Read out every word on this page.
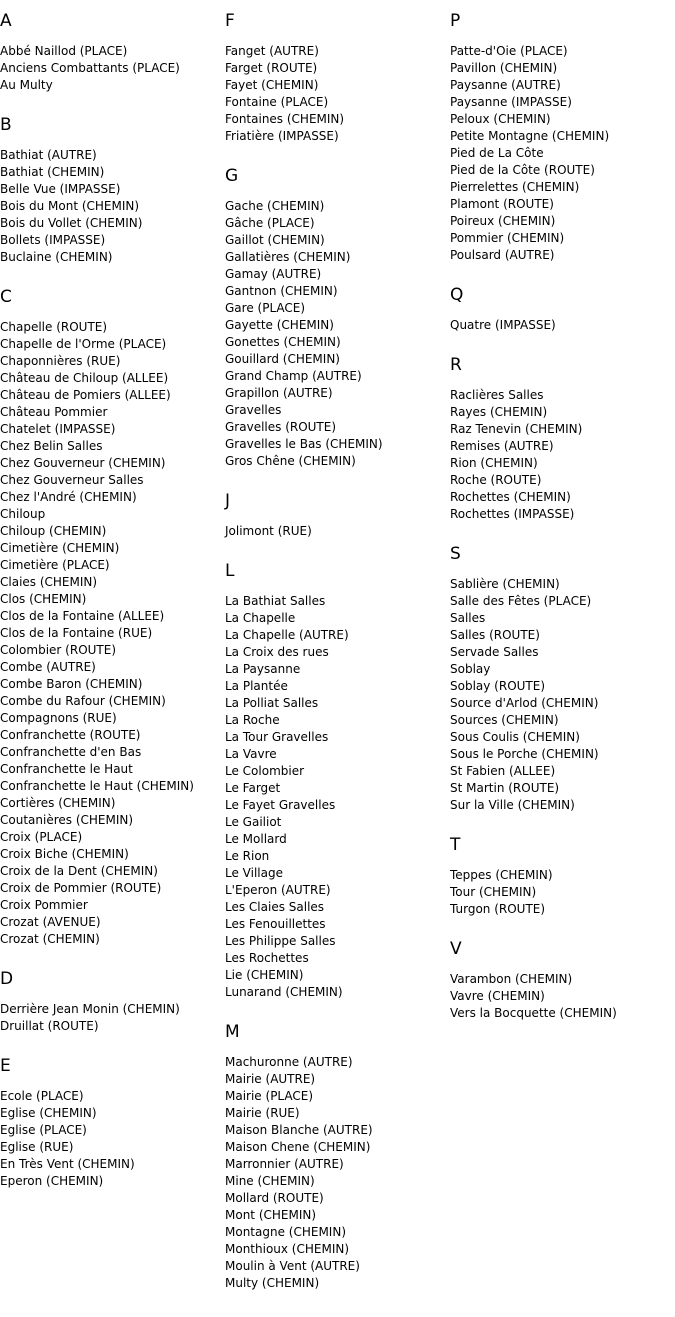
A
Abbé Naillod (PLACE)
Anciens Combattants (PLACE)
Au Multy
B
Bathiat (AUTRE)
Bathiat (CHEMIN)
Belle Vue (IMPASSE)
Bois du Mont (CHEMIN)
Bois du Vollet (CHEMIN)
Bollets (IMPASSE)
Buclaine (CHEMIN)
C
Chapelle (ROUTE)
Chapelle de l'Orme (PLACE)
Chaponnières (RUE)
Château de Chiloup (ALLEE)
Château de Pomiers (ALLEE)
Château Pommier
Chatelet (IMPASSE)
Chez Belin Salles
Chez Gouverneur (CHEMIN)
Chez Gouverneur Salles
Chez l'André (CHEMIN)
Chiloup
Chiloup (CHEMIN)
Cimetière (CHEMIN)
Cimetière (PLACE)
Claies (CHEMIN)
Clos (CHEMIN)
Clos de la Fontaine (ALLEE)
Clos de la Fontaine (RUE)
Colombier (ROUTE)
Combe (AUTRE)
Combe Baron (CHEMIN)
Combe du Rafour (CHEMIN)
Compagnons (RUE)
Confranchette (ROUTE)
Confranchette d'en Bas
Confranchette le Haut
Confranchette le Haut (CHEMIN)
Cortières (CHEMIN)
Coutanières (CHEMIN)
Croix (PLACE)
Croix Biche (CHEMIN)
Croix de la Dent (CHEMIN)
Croix de Pommier (ROUTE)
Croix Pommier
Crozat (AVENUE)
Crozat (CHEMIN)
D
Derrière Jean Monin (CHEMIN)
Druillat (ROUTE)
E
Ecole (PLACE)
Eglise (CHEMIN)
Eglise (PLACE)
Eglise (RUE)
En Très Vent (CHEMIN)
Eperon (CHEMIN)
F
Fanget (AUTRE)
Farget (ROUTE)
Fayet (CHEMIN)
Fontaine (PLACE)
Fontaines (CHEMIN)
Friatière (IMPASSE)
G
Gache (CHEMIN)
Gâche (PLACE)
Gaillot (CHEMIN)
Gallatières (CHEMIN)
Gamay (AUTRE)
Gantnon (CHEMIN)
Gare (PLACE)
Gayette (CHEMIN)
Gonettes (CHEMIN)
Gouillard (CHEMIN)
Grand Champ (AUTRE)
Grapillon (AUTRE)
Gravelles
Gravelles (ROUTE)
Gravelles le Bas (CHEMIN)
Gros Chêne (CHEMIN)
J
Jolimont (RUE)
L
La Bathiat Salles
La Chapelle
La Chapelle (AUTRE)
La Croix des rues
La Paysanne
La Plantée
La Polliat Salles
La Roche
La Tour Gravelles
La Vavre
Le Colombier
Le Farget
Le Fayet Gravelles
Le Gailiot
Le Mollard
Le Rion
Le Village
L'Eperon (AUTRE)
Les Claies Salles
Les Fenouillettes
Les Philippe Salles
Les Rochettes
Lie (CHEMIN)
Lunarand (CHEMIN)
M
Machuronne (AUTRE)
Mairie (AUTRE)
Mairie (PLACE)
Mairie (RUE)
Maison Blanche (AUTRE)
Maison Chene (CHEMIN)
Marronnier (AUTRE)
Mine (CHEMIN)
Mollard (ROUTE)
Mont (CHEMIN)
Montagne (CHEMIN)
Monthioux (CHEMIN)
Moulin à Vent (AUTRE)
Multy (CHEMIN)
P
Patte-d'Oie (PLACE)
Pavillon (CHEMIN)
Paysanne (AUTRE)
Paysanne (IMPASSE)
Peloux (CHEMIN)
Petite Montagne (CHEMIN)
Pied de La Côte
Pied de la Côte (ROUTE)
Pierrelettes (CHEMIN)
Plamont (ROUTE)
Poireux (CHEMIN)
Pommier (CHEMIN)
Poulsard (AUTRE)
Q
Quatre (IMPASSE)
R
Raclières Salles
Rayes (CHEMIN)
Raz Tenevin (CHEMIN)
Remises (AUTRE)
Rion (CHEMIN)
Roche (ROUTE)
Rochettes (CHEMIN)
Rochettes (IMPASSE)
S
Sablière (CHEMIN)
Salle des Fêtes (PLACE)
Salles
Salles (ROUTE)
Servade Salles
Soblay
Soblay (ROUTE)
Source d'Arlod (CHEMIN)
Sources (CHEMIN)
Sous Coulis (CHEMIN)
Sous le Porche (CHEMIN)
St Fabien (ALLEE)
St Martin (ROUTE)
Sur la Ville (CHEMIN)
T
Teppes (CHEMIN)
Tour (CHEMIN)
Turgon (ROUTE)
V
Varambon (CHEMIN)
Vavre (CHEMIN)
Vers la Bocquette (CHEMIN)
